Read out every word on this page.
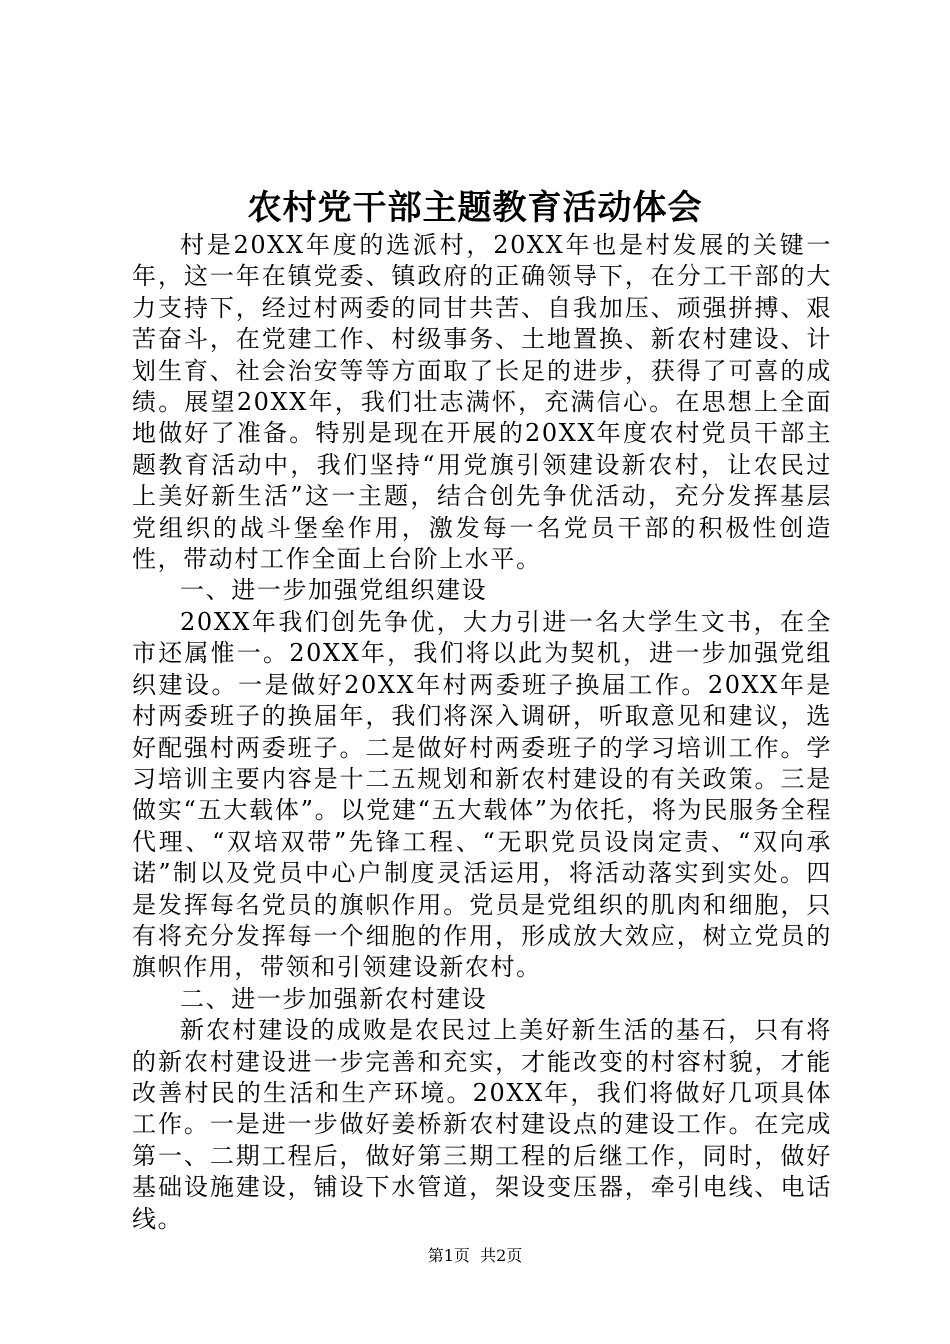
农村党干部主题教育活动体会

村是20XX年度的选派村，20XX年也是村发展的关键一年，这一年在镇党委、镇政府的正确领导下，在分工干部的大力支持下，经过村两委的同甘共苦、自我加压、顽强拼搏、艰苦奋斗，在党建工作、村级事务、土地置换、新农村建设、计划生育、社会治安等等方面取了长足的进步，获得了可喜的成绩。展望20XX年，我们壮志满怀，充满信心。在思想上全面地做好了准备。特别是现在开展的20XX年度农村党员干部主题教育活动中，我们坚持“用党旗引领建设新农村，让农民过上美好新生活”这一主题，结合创先争优活动，充分发挥基层党组织的战斗堡垒作用，激发每一名党员干部的积极性创造性，带动村工作全面上台阶上水平。

一、进一步加强党组织建设

20XX年我们创先争优，大力引进一名大学生文书，在全市还属惟一。20XX年，我们将以此为契机，进一步加强党组织建设。一是做好20XX年村两委班子换届工作。20XX年是村两委班子的换届年，我们将深入调研，听取意见和建议，选好配强村两委班子。二是做好村两委班子的学习培训工作。学习培训主要内容是十二五规划和新农村建设的有关政策。三是做实“五大载体”。以党建“五大载体”为依托，将为民服务全程代理、“双培双带”先锋工程、“无职党员设岗定责、“双向承诺”制以及党员中心户制度灵活运用，将活动落实到实处。四是发挥每名党员的旗帜作用。党员是党组织的肌肉和细胞，只有将充分发挥每一个细胞的作用，形成放大效应，树立党员的旗帜作用，带领和引领建设新农村。

二、进一步加强新农村建设

新农村建设的成败是农民过上美好新生活的基石，只有将的新农村建设进一步完善和充实，才能改变的村容村貌，才能改善村民的生活和生产环境。20XX年，我们将做好几项具体工作。一是进一步做好姜桥新农村建设点的建设工作。在完成第一、二期工程后，做好第三期工程的后继工作，同时，做好基础设施建设，铺设下水管道，架设变压器，牵引电线、电话线。

第1页  共2页
